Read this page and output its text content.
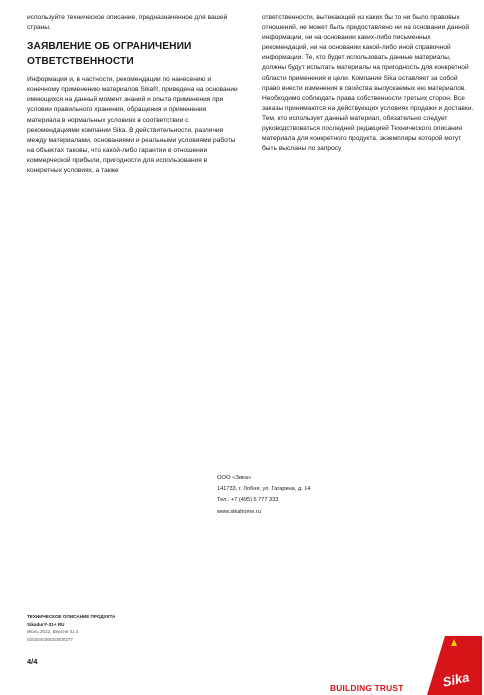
используйте техническое описание, предназначенное для вашей страны.

ЗАЯВЛЕНИЕ ОБ ОГРАНИЧЕНИИ ОТВЕТСТВЕННОСТИ

Информация и, в частности, рекомендации по нанесению и конечному применению материалов Sika®, приведена на основании имеющихся на данный момент знаний и опыта применения при условии правильного хранения, обращения и применения материала в нормальных условиях в соответствии с рекомендациями компании Sika. В действительности, различия между материалами, основаниями и реальными условиями работы на объектах таковы, что какой-либо гарантии в отношении коммерческой прибыли, пригодности для использования в конкретных условиях, а также

ответственности, вытекающей из каких бы то ни было правовых отношений, не может быть предоставлено ни на основании данной информации, ни на основании каких-либо письменных рекомендаций, ни на основании какой-либо иной справочной информации. Те, кто будет использовать данные материалы, должны будут испытать материалы на пригодность для конкретной области применения и цели. Компания Sika оставляет за собой право внести изменения в свойства выпускаемых ею материалов. Необходимо соблюдать права собственности третьих сторон. Все заказы принимаются на действующих условиях продажи и доставки. Тем, кто использует данный материал, обязательно следует руководствоваться последней редакцией Технического описания материала для конкретного продукта, экземпляры которой могут быть высланы по запросу

ООО «Зика»
141733, г. Лобня, ул. Гагарина, д. 14
Тел.: +7 (495) 5 777 333
www.sikahome.ru
ТЕХНИЧЕСКОЕ ОПИСАНИЕ ПРОДУКТА
Sikadur®-31+ RU
Июль 2022, Версия 01.4
020204030010000277
4/4
BUILDING TRUST	Sika
